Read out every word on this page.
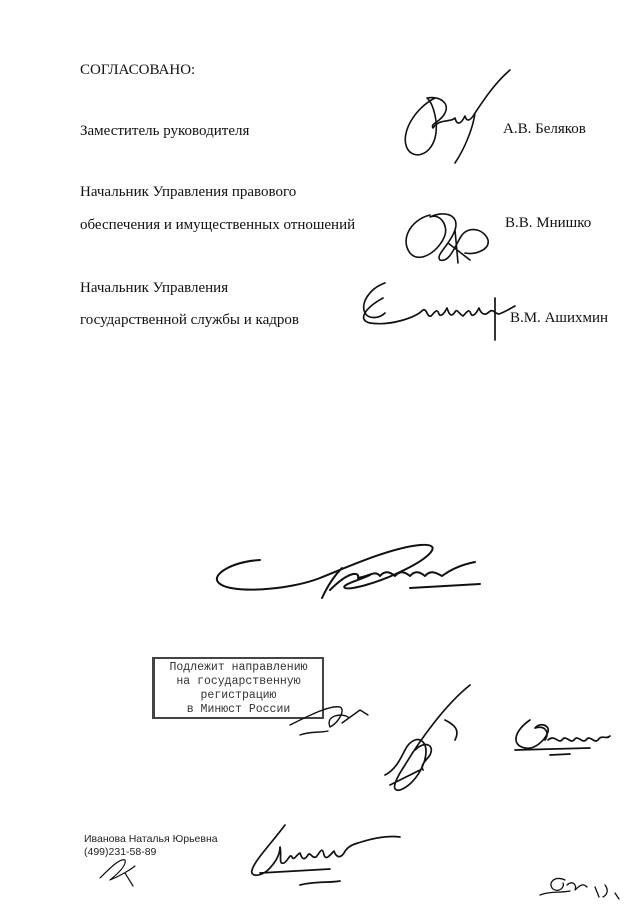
СОГЛАСОВАНО:
Заместитель руководителя	А.В. Беляков
Начальник Управления правового
обеспечения и имущественных отношений	В.В. Мнишко
Начальник Управления
государственной службы и кадров	В.М. Ашихмин
Подлежит направлению
на государственную
регистрацию
в Минюст России
Иванова Наталья Юрьевна
(499)231-58-89
